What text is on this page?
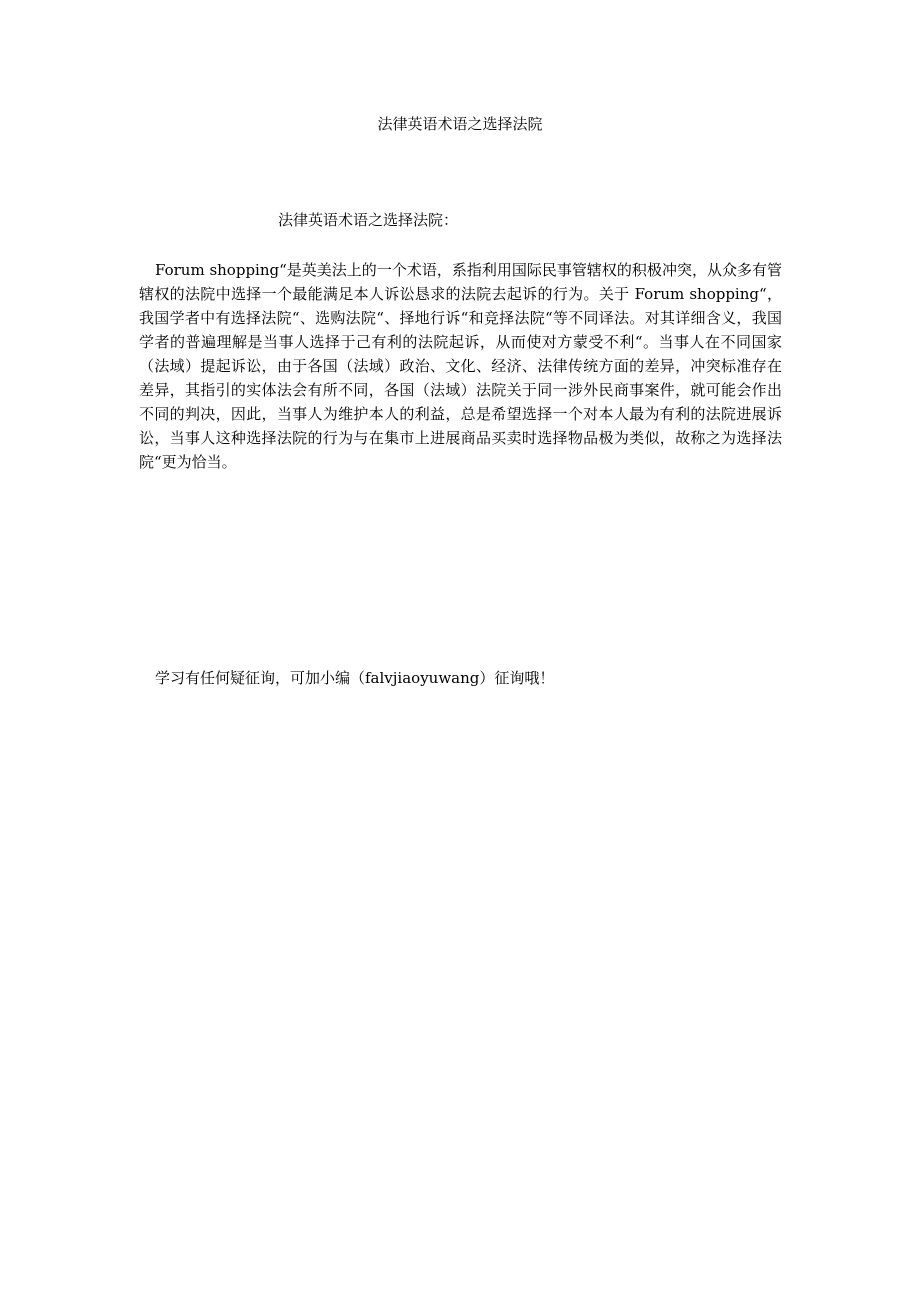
法律英语术语之选择法院
法律英语术语之选择法院：

Forum shopping“是英美法上的一个术语，系指利用国际民事管辖权的积极冲突，从众多有管辖权的法院中选择一个最能满足本人诉讼恳求的法院去起诉的行为。关于 Forum shopping“，我国学者中有选择法院“、选购法院“、择地行诉“和竞择法院“等不同译法。对其详细含义，我国学者的普遍理解是当事人选择于己有利的法院起诉，从而使对方蒙受不利“。当事人在不同国家（法域）提起诉讼，由于各国（法域）政治、文化、经济、法律传统方面的差异，冲突标准存在差异，其指引的实体法会有所不同，各国（法域）法院关于同一涉外民商事案件，就可能会作出不同的判决，因此，当事人为维护本人的利益，总是希望选择一个对本人最为有利的法院进展诉讼，当事人这种选择法院的行为与在集市上进展商品买卖时选择物品极为类似，故称之为选择法院“更为恰当。

学习有任何疑征询，可加小编（falvjiaoyuwang）征询哦！
